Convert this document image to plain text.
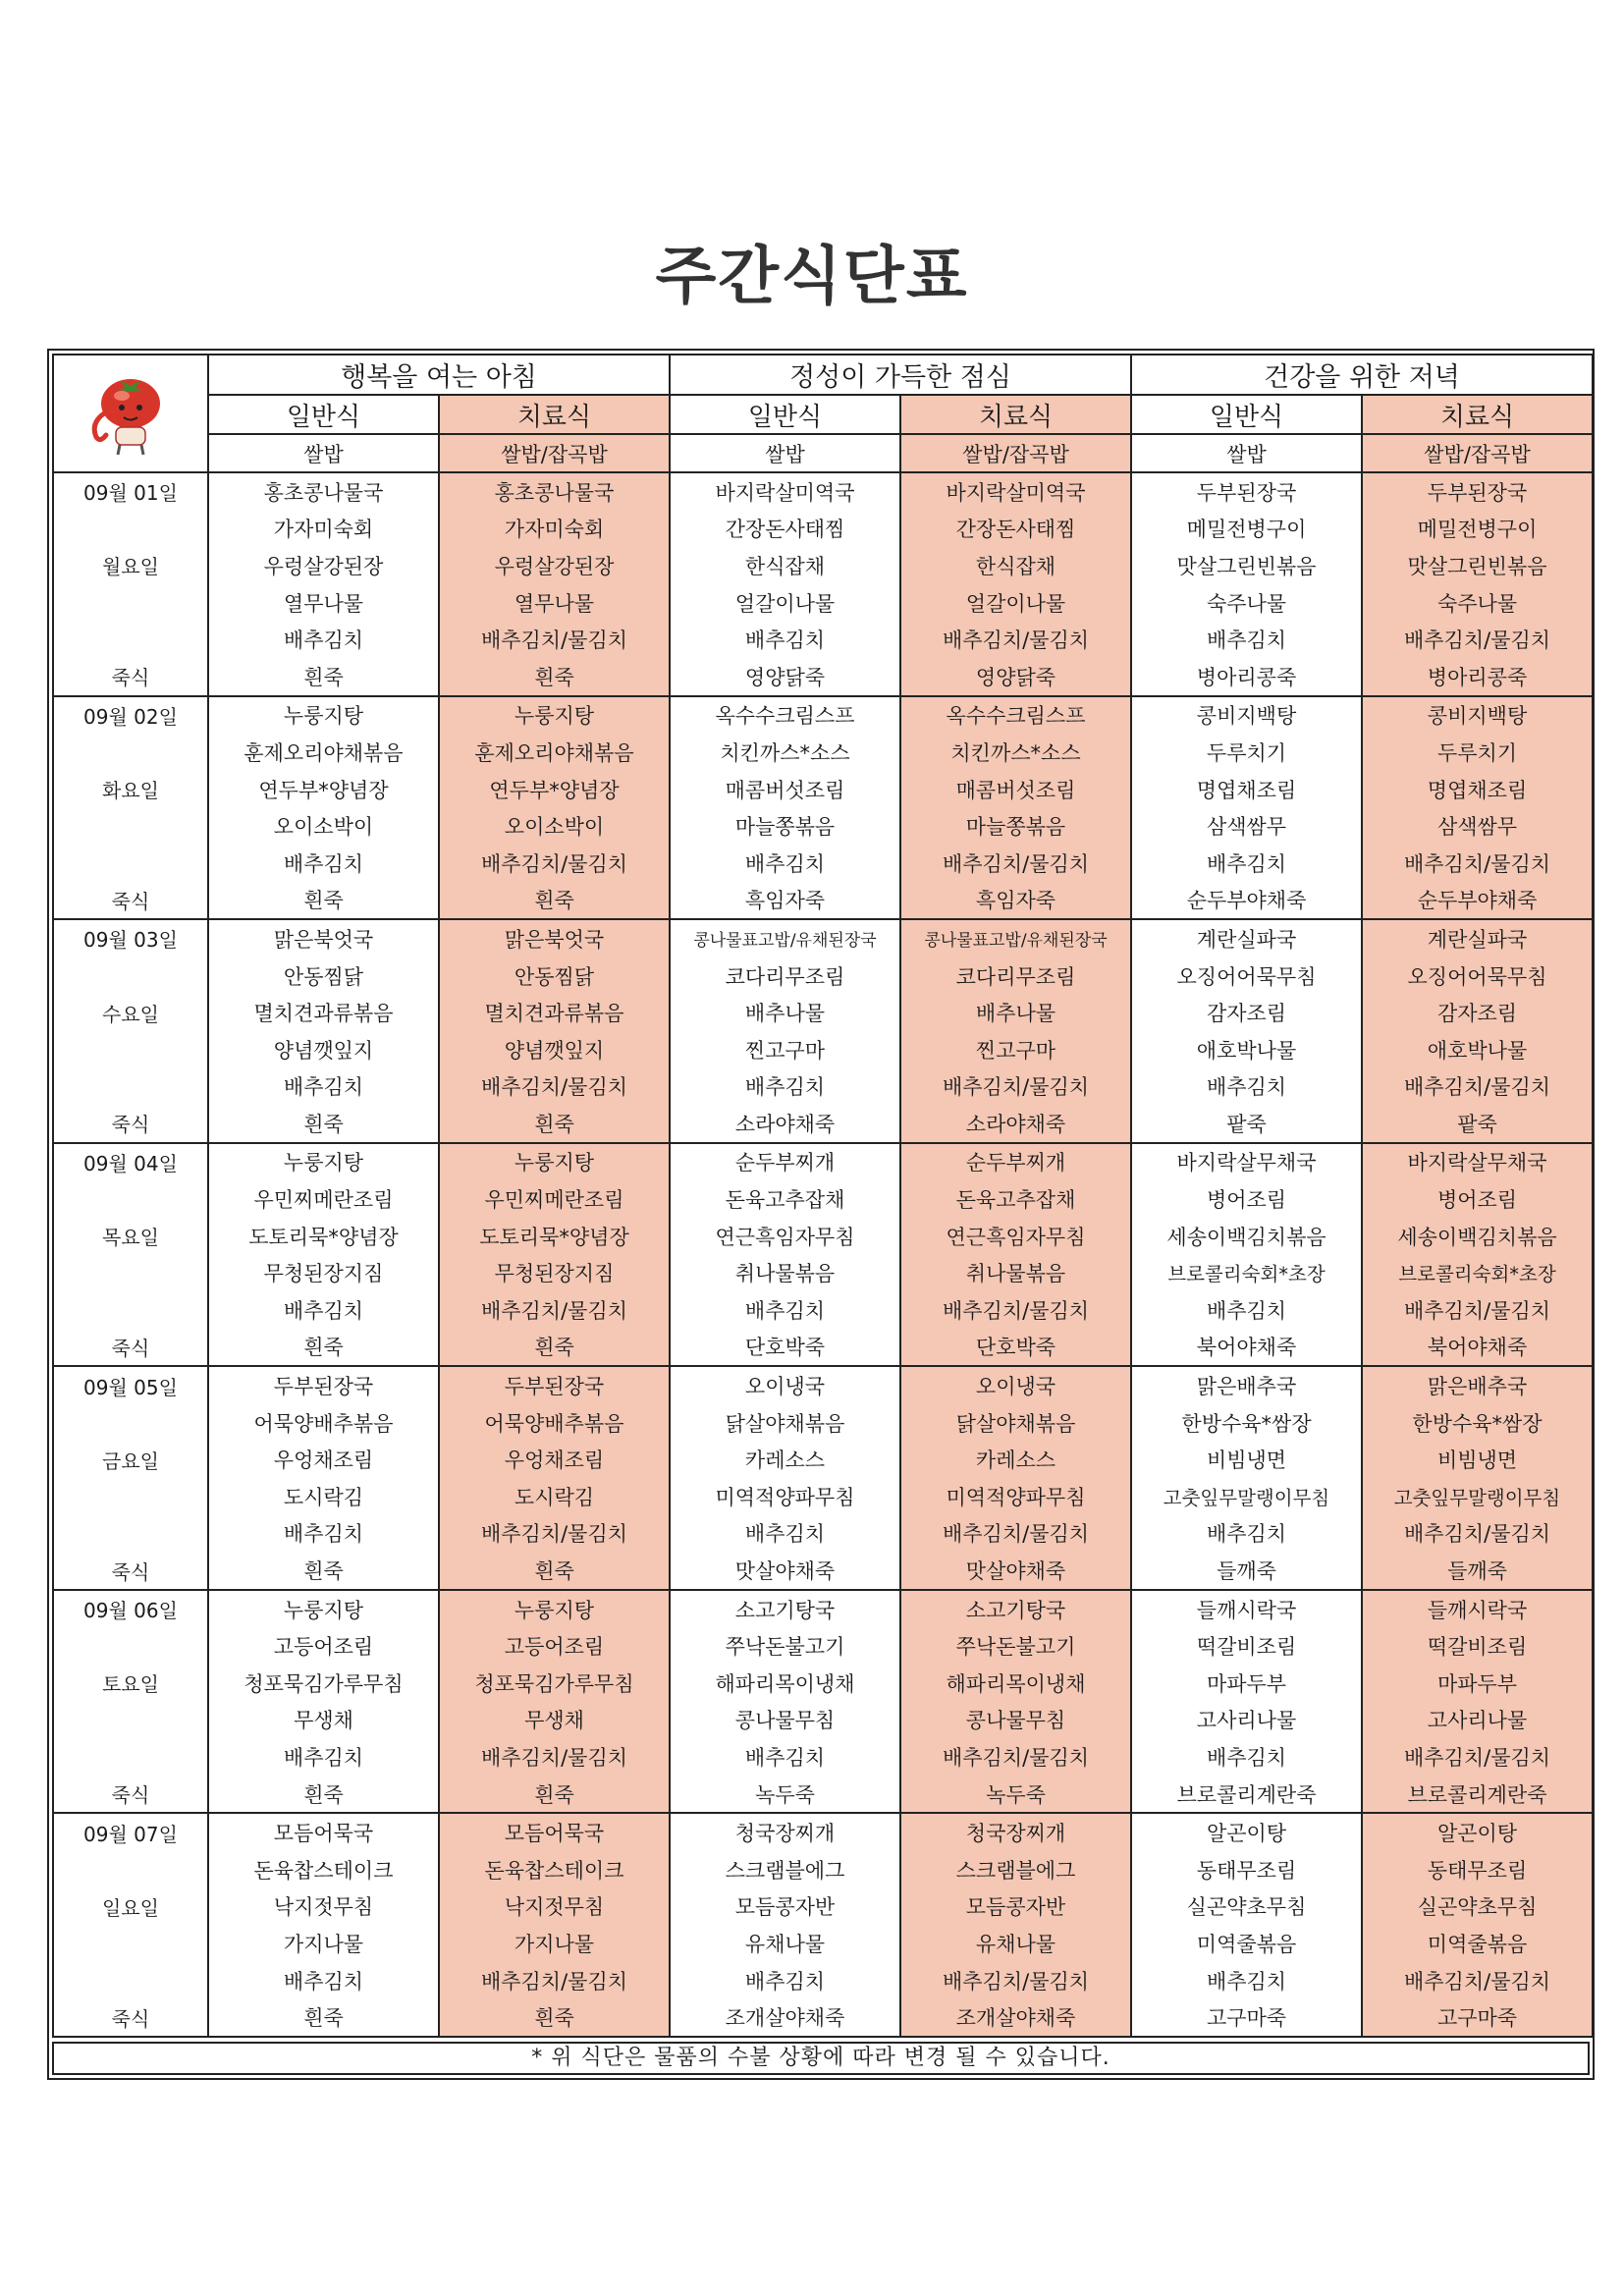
주간식단표
	행복을 여는 아침		정성이 가득한 점심		건강을 위한 저녁	
	일반식	치료식	일반식	치료식	일반식	치료식
	쌀밥	쌀밥/잡곡밥	쌀밥	쌀밥/잡곡밥	쌀밥	쌀밥/잡곡밥
09월 01일	홍초콩나물국	홍초콩나물국	바지락살미역국	바지락살미역국	두부된장국	두부된장국
	가자미숙회	가자미숙회	간장돈사태찜	간장돈사태찜	메밀전병구이	메밀전병구이
월요일	우렁살강된장	우렁살강된장	한식잡채	한식잡채	맛살그린빈볶음	맛살그린빈볶음
	열무나물	열무나물	얼갈이나물	얼갈이나물	숙주나물	숙주나물
	배추김치	배추김치/물김치	배추김치	배추김치/물김치	배추김치	배추김치/물김치
죽식	흰죽	흰죽	영양닭죽	영양닭죽	병아리콩죽	병아리콩죽
09월 02일	누룽지탕	누룽지탕	옥수수크림스프	옥수수크림스프	콩비지백탕	콩비지백탕
	훈제오리야채볶음	훈제오리야채볶음	치킨까스*소스	치킨까스*소스	두루치기	두루치기
화요일	연두부*양념장	연두부*양념장	매콤버섯조림	매콤버섯조림	명엽채조림	명엽채조림
	오이소박이	오이소박이	마늘쫑볶음	마늘쫑볶음	삼색쌈무	삼색쌈무
	배추김치	배추김치/물김치	배추김치	배추김치/물김치	배추김치	배추김치/물김치
죽식	흰죽	흰죽	흑임자죽	흑임자죽	순두부야채죽	순두부야채죽
09월 03일	맑은북엇국	맑은북엇국	콩나물표고밥/유채된장국	콩나물표고밥/유채된장국	계란실파국	계란실파국
	안동찜닭	안동찜닭	코다리무조림	코다리무조림	오징어어묵무침	오징어어묵무침
수요일	멸치견과류볶음	멸치견과류볶음	배추나물	배추나물	감자조림	감자조림
	양념깻잎지	양념깻잎지	찐고구마	찐고구마	애호박나물	애호박나물
	배추김치	배추김치/물김치	배추김치	배추김치/물김치	배추김치	배추김치/물김치
죽식	흰죽	흰죽	소라야채죽	소라야채죽	팥죽	팥죽
09월 04일	누룽지탕	누룽지탕	순두부찌개	순두부찌개	바지락살무채국	바지락살무채국
	우민찌메란조림	우민찌메란조림	돈육고추잡채	돈육고추잡채	병어조림	병어조림
목요일	도토리묵*양념장	도토리묵*양념장	연근흑임자무침	연근흑임자무침	세송이백김치볶음	세송이백김치볶음
	무청된장지짐	무청된장지짐	취나물볶음	취나물볶음	브로콜리숙회*초장	브로콜리숙회*초장
	배추김치	배추김치/물김치	배추김치	배추김치/물김치	배추김치	배추김치/물김치
죽식	흰죽	흰죽	단호박죽	단호박죽	북어야채죽	북어야채죽
09월 05일	두부된장국	두부된장국	오이냉국	오이냉국	맑은배추국	맑은배추국
	어묵양배추볶음	어묵양배추볶음	닭살야채볶음	닭살야채볶음	한방수육*쌈장	한방수육*쌈장
금요일	우엉채조림	우엉채조림	카레소스	카레소스	비빔냉면	비빔냉면
	도시락김	도시락김	미역적양파무침	미역적양파무침	고춧잎무말랭이무침	고춧잎무말랭이무침
	배추김치	배추김치/물김치	배추김치	배추김치/물김치	배추김치	배추김치/물김치
죽식	흰죽	흰죽	맛살야채죽	맛살야채죽	들깨죽	들깨죽
09월 06일	누룽지탕	누룽지탕	소고기탕국	소고기탕국	들깨시락국	들깨시락국
	고등어조림	고등어조림	쭈낙돈불고기	쭈낙돈불고기	떡갈비조림	떡갈비조림
토요일	청포묵김가루무침	청포묵김가루무침	해파리목이냉채	해파리목이냉채	마파두부	마파두부
	무생채	무생채	콩나물무침	콩나물무침	고사리나물	고사리나물
	배추김치	배추김치/물김치	배추김치	배추김치/물김치	배추김치	배추김치/물김치
죽식	흰죽	흰죽	녹두죽	녹두죽	브로콜리계란죽	브로콜리계란죽
09월 07일	모듬어묵국	모듬어묵국	청국장찌개	청국장찌개	알곤이탕	알곤이탕
	돈육찹스테이크	돈육찹스테이크	스크램블에그	스크램블에그	동태무조림	동태무조림
일요일	낙지젓무침	낙지젓무침	모듬콩자반	모듬콩자반	실곤약초무침	실곤약초무침
	가지나물	가지나물	유채나물	유채나물	미역줄볶음	미역줄볶음
	배추김치	배추김치/물김치	배추김치	배추김치/물김치	배추김치	배추김치/물김치
죽식	흰죽	흰죽	조개살야채죽	조개살야채죽	고구마죽	고구마죽
* 위 식단은 물품의 수불 상황에 따라 변경 될 수 있습니다.
